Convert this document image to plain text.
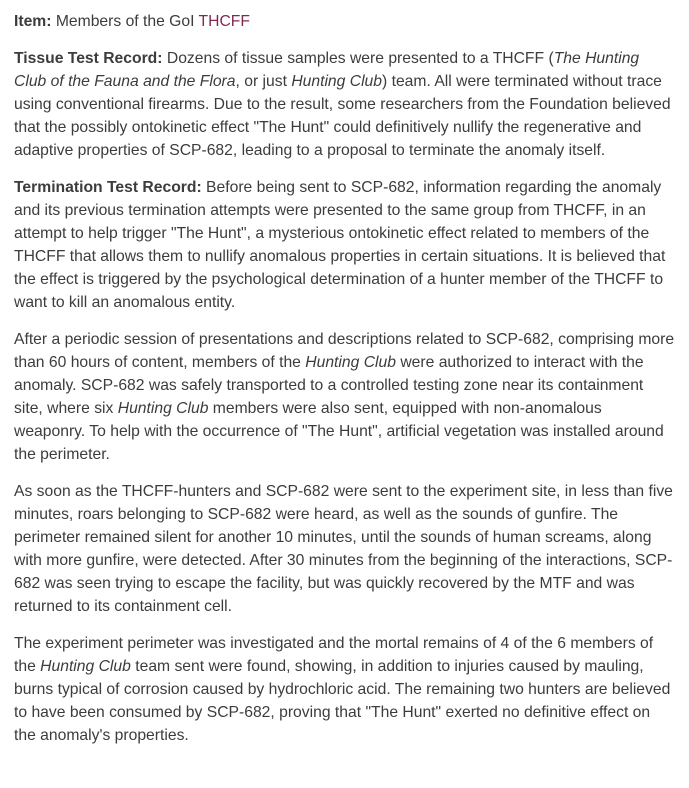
Item: Members of the GoI THCFF

Tissue Test Record: Dozens of tissue samples were presented to a THCFF (The Hunting Club of the Fauna and the Flora, or just Hunting Club) team. All were terminated without trace using conventional firearms. Due to the result, some researchers from the Foundation believed that the possibly ontokinetic effect "The Hunt" could definitively nullify the regenerative and adaptive properties of SCP-682, leading to a proposal to terminate the anomaly itself.

Termination Test Record: Before being sent to SCP-682, information regarding the anomaly and its previous termination attempts were presented to the same group from THCFF, in an attempt to help trigger "The Hunt", a mysterious ontokinetic effect related to members of the THCFF that allows them to nullify anomalous properties in certain situations. It is believed that the effect is triggered by the psychological determination of a hunter member of the THCFF to want to kill an anomalous entity.

After a periodic session of presentations and descriptions related to SCP-682, comprising more than 60 hours of content, members of the Hunting Club were authorized to interact with the anomaly. SCP-682 was safely transported to a controlled testing zone near its containment site, where six Hunting Club members were also sent, equipped with non-anomalous weaponry. To help with the occurrence of "The Hunt", artificial vegetation was installed around the perimeter.

As soon as the THCFF-hunters and SCP-682 were sent to the experiment site, in less than five minutes, roars belonging to SCP-682 were heard, as well as the sounds of gunfire. The perimeter remained silent for another 10 minutes, until the sounds of human screams, along with more gunfire, were detected. After 30 minutes from the beginning of the interactions, SCP-682 was seen trying to escape the facility, but was quickly recovered by the MTF and was returned to its containment cell.

The experiment perimeter was investigated and the mortal remains of 4 of the 6 members of the Hunting Club team sent were found, showing, in addition to injuries caused by mauling, burns typical of corrosion caused by hydrochloric acid. The remaining two hunters are believed to have been consumed by SCP-682, proving that "The Hunt" exerted no definitive effect on the anomaly's properties.
